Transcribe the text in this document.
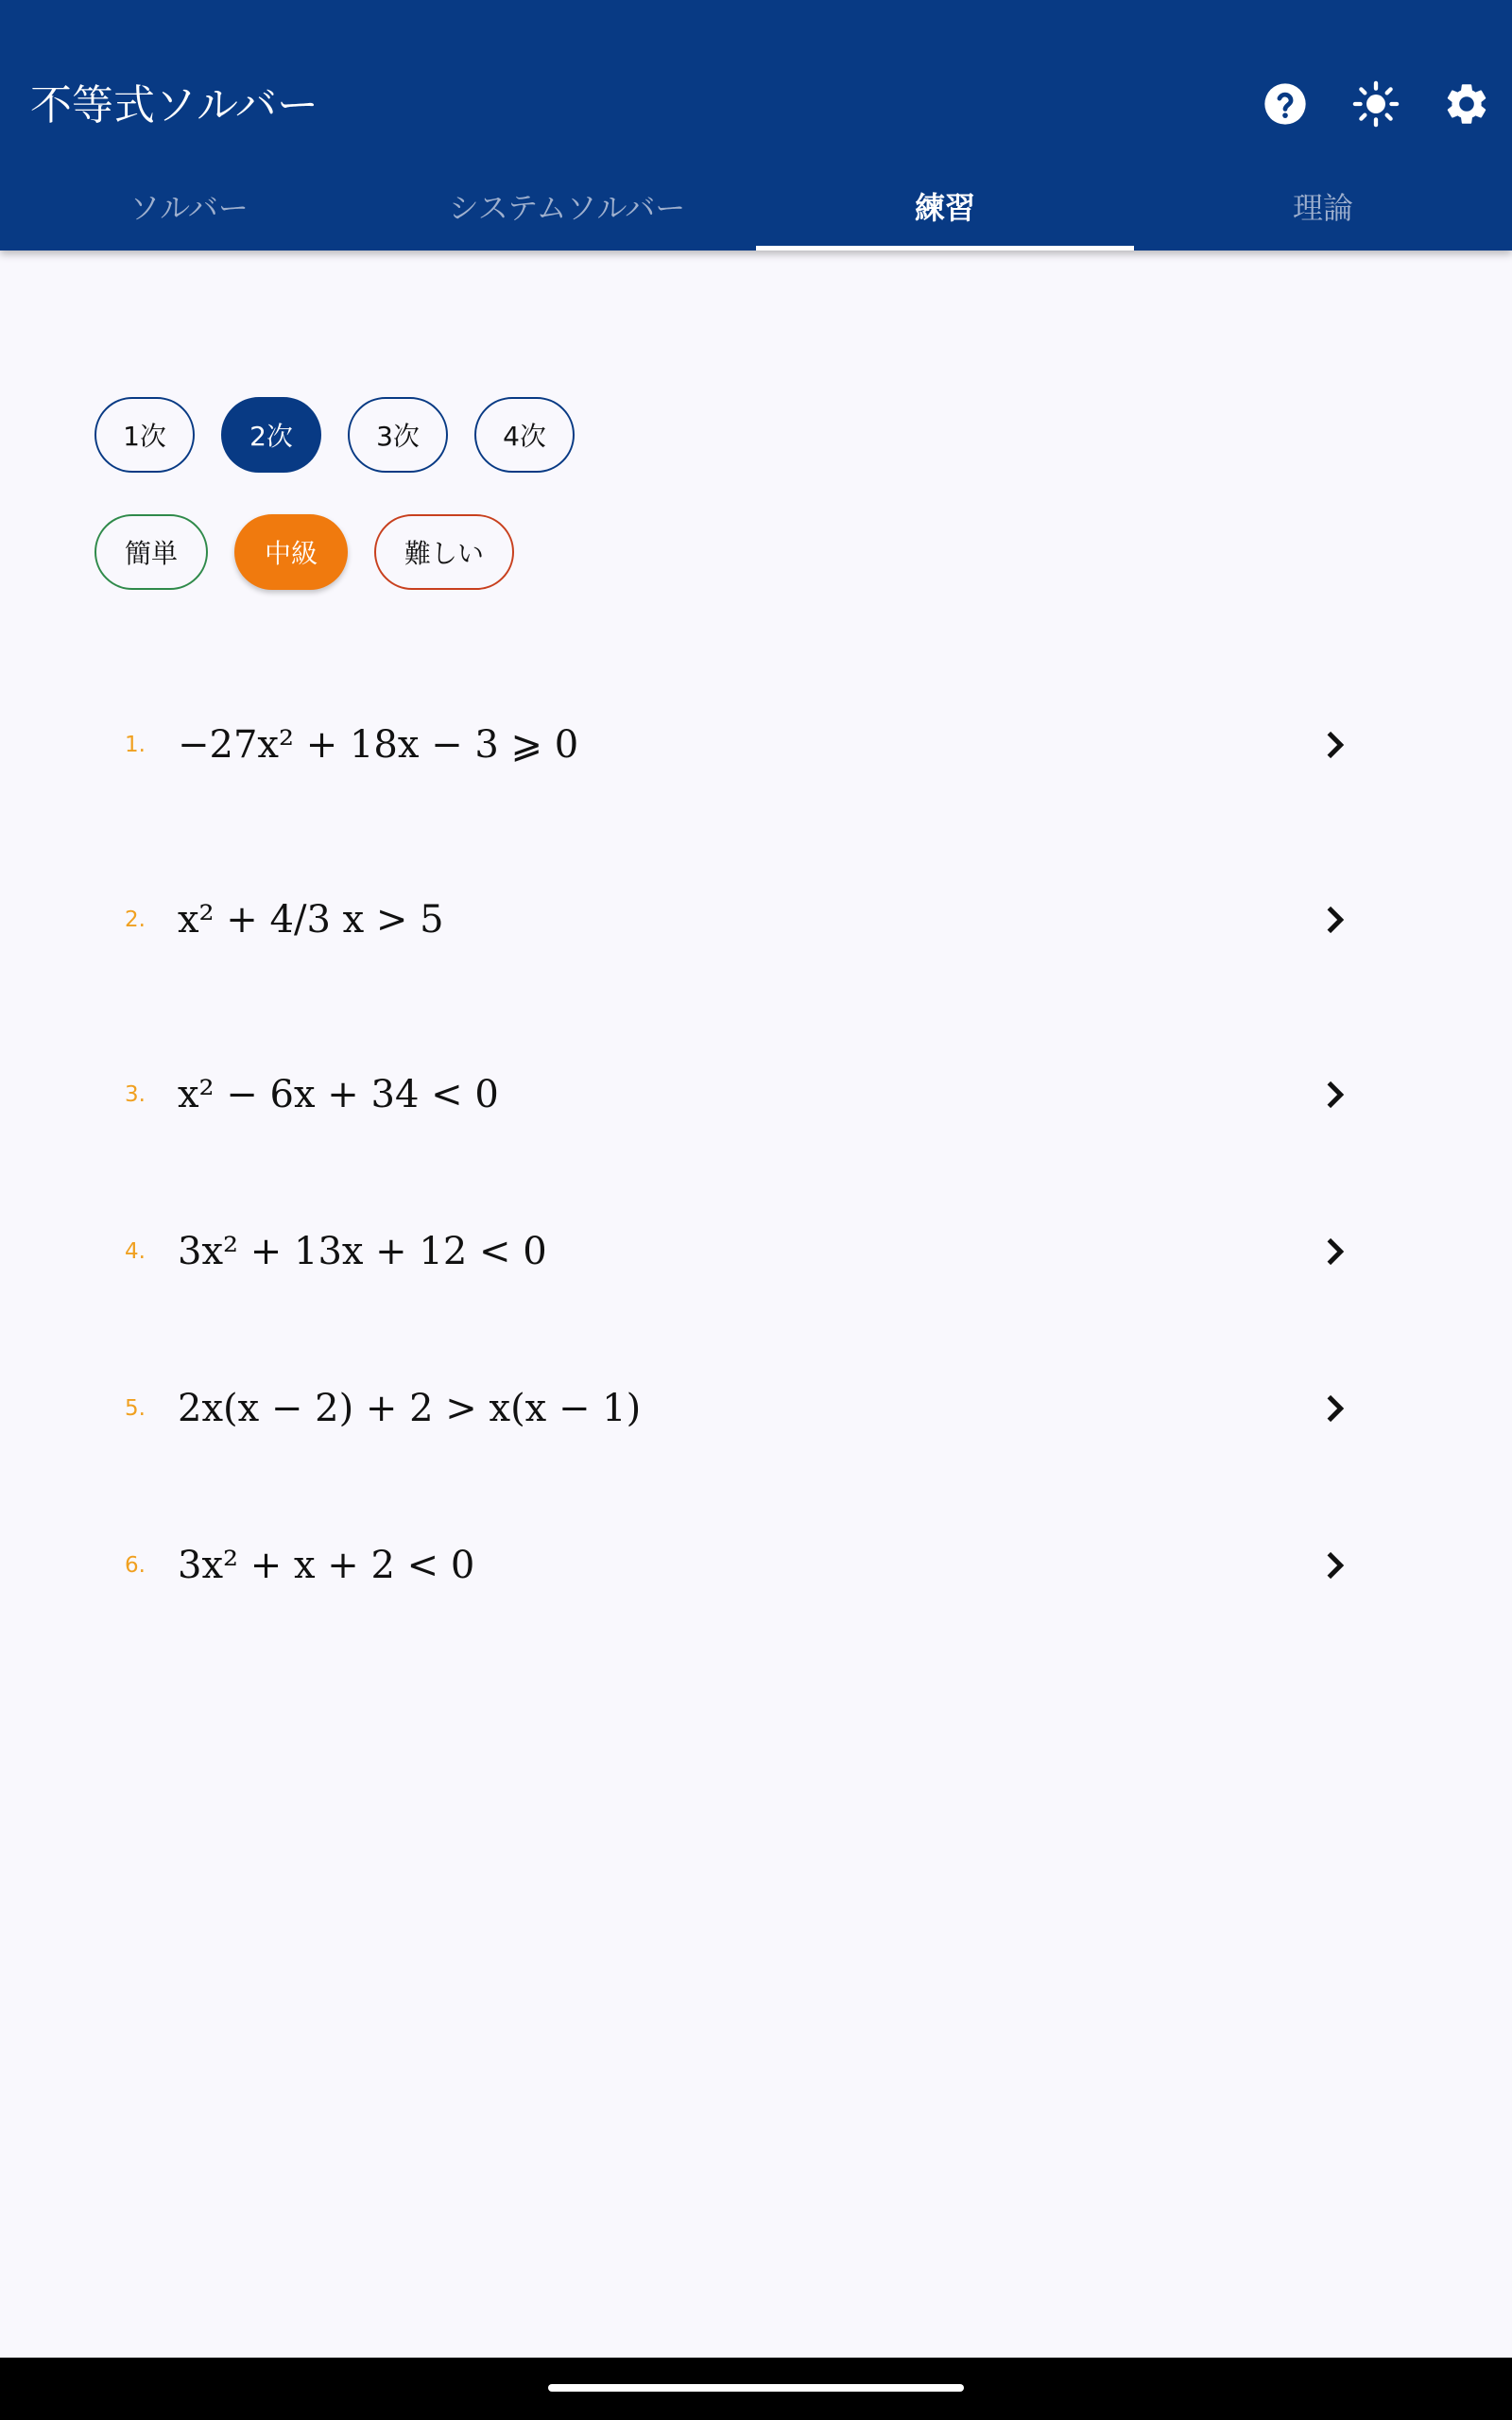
不等式ソルバー
ソルバー	システムソルバー	練習	理論
1次	2次	3次	4次
簡単	中級	難しい
1. −27x² + 18x − 3 ⩾ 0
2. x² + 4/3 x > 5
3. x² − 6x + 34 < 0
4. 3x² + 13x + 12 < 0
5. 2x(x − 2) + 2 > x(x − 1)
6. 3x² + x + 2 < 0
